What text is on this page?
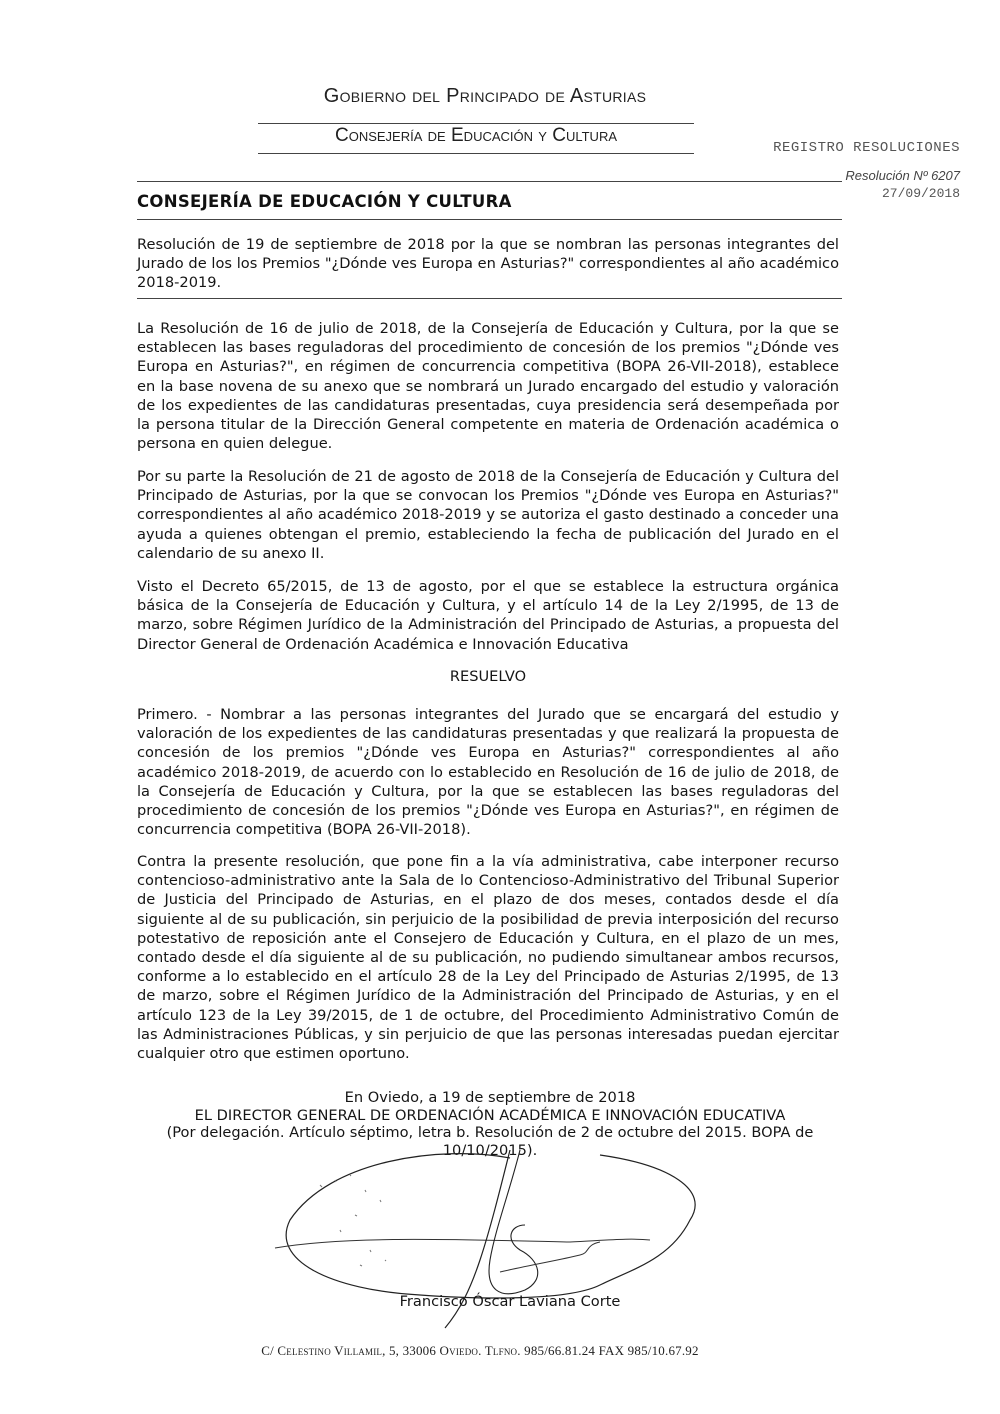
Gobierno del Principado de Asturias
Consejería de Educación y Cultura
REGISTRO RESOLUCIONES
Resolución Nº 6207
27/09/2018
CONSEJERÍA DE EDUCACIÓN Y CULTURA
Resolución de 19 de septiembre de 2018 por la que se nombran las personas integrantes del Jurado de los los Premios "¿Dónde ves Europa en Asturias?" correspondientes al año académico 2018-2019.
La Resolución de 16 de julio de 2018, de la Consejería de Educación y Cultura, por la que se establecen las bases reguladoras del procedimiento de concesión de los premios "¿Dónde ves Europa en Asturias?", en régimen de concurrencia competitiva (BOPA 26-VII-2018), establece en la base novena de su anexo que se nombrará un Jurado encargado del estudio y valoración de los expedientes de las candidaturas presentadas, cuya presidencia será desempeñada por la persona titular de la Dirección General competente en materia de Ordenación académica o persona en quien delegue.
Por su parte la Resolución de 21 de agosto de 2018 de la Consejería de Educación y Cultura del Principado de Asturias, por la que se convocan los Premios "¿Dónde ves Europa en Asturias?" correspondientes al año académico 2018-2019 y se autoriza el gasto destinado a conceder una ayuda a quienes obtengan el premio, estableciendo la fecha de publicación del Jurado en el calendario de su anexo II.
Visto el Decreto 65/2015, de 13 de agosto, por el que se establece la estructura orgánica básica de la Consejería de Educación y Cultura, y el artículo 14 de la Ley 2/1995, de 13 de marzo, sobre Régimen Jurídico de la Administración del Principado de Asturias, a propuesta del Director General de Ordenación Académica e Innovación Educativa
RESUELVO
Primero. - Nombrar a las personas integrantes del Jurado que se encargará del estudio y valoración de los expedientes de las candidaturas presentadas y que realizará la propuesta de concesión de los premios "¿Dónde ves Europa en Asturias?" correspondientes al año académico 2018-2019, de acuerdo con lo establecido en Resolución de 16 de julio de 2018, de la Consejería de Educación y Cultura, por la que se establecen las bases reguladoras del procedimiento de concesión de los premios "¿Dónde ves Europa en Asturias?", en régimen de concurrencia competitiva (BOPA 26-VII-2018).
Contra la presente resolución, que pone fin a la vía administrativa, cabe interponer recurso contencioso-administrativo ante la Sala de lo Contencioso-Administrativo del Tribunal Superior de Justicia del Principado de Asturias, en el plazo de dos meses, contados desde el día siguiente al de su publicación, sin perjuicio de la posibilidad de previa interposición del recurso potestativo de reposición ante el Consejero de Educación y Cultura, en el plazo de un mes, contado desde el día siguiente al de su publicación, no pudiendo simultanear ambos recursos, conforme a lo establecido en el artículo 28 de la Ley del Principado de Asturias 2/1995, de 13 de marzo, sobre el Régimen Jurídico de la Administración del Principado de Asturias, y en el artículo 123 de la Ley 39/2015, de 1 de octubre, del Procedimiento Administrativo Común de las Administraciones Públicas, y sin perjuicio de que las personas interesadas puedan ejercitar cualquier otro que estimen oportuno.
En Oviedo, a 19 de septiembre de 2018
EL DIRECTOR GENERAL DE ORDENACIÓN ACADÉMICA E INNOVACIÓN EDUCATIVA
(Por delegación. Artículo séptimo, letra b. Resolución de 2 de octubre del 2015. BOPA de
10/10/2015).
Francisco Óscar Laviana Corte
C/ Celestino Villamil, 5, 33006 Oviedo. Tlfno. 985/66.81.24 FAX 985/10.67.92
